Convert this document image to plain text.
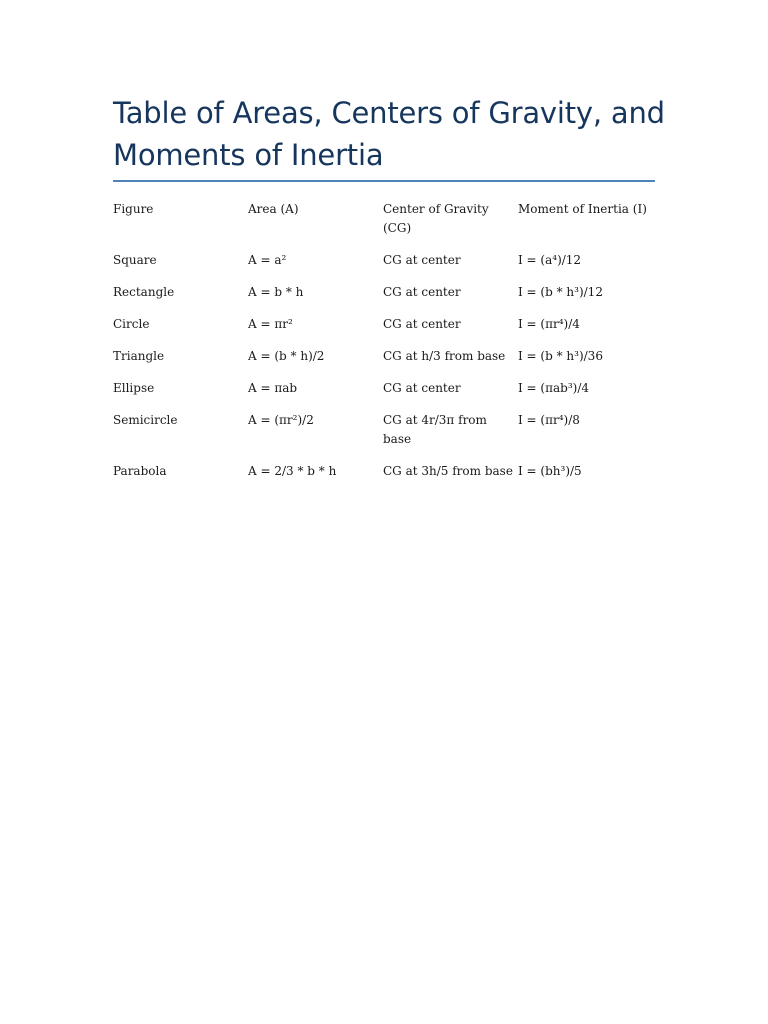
Table of Areas, Centers of Gravity, and Moments of Inertia
Figure	Area (A)	Center of Gravity (CG)	Moment of Inertia (I)
Square	A = a²	CG at center	I = (a⁴)/12
Rectangle	A = b * h	CG at center	I = (b * h³)/12
Circle	A = πr²	CG at center	I = (πr⁴)/4
Triangle	A = (b * h)/2	CG at h/3 from base	I = (b * h³)/36
Ellipse	A = πab	CG at center	I = (πab³)/4
Semicircle	A = (πr²)/2	CG at 4r/3π from base	I = (πr⁴)/8
Parabola	A = 2/3 * b * h	CG at 3h/5 from base	I = (bh³)/5
